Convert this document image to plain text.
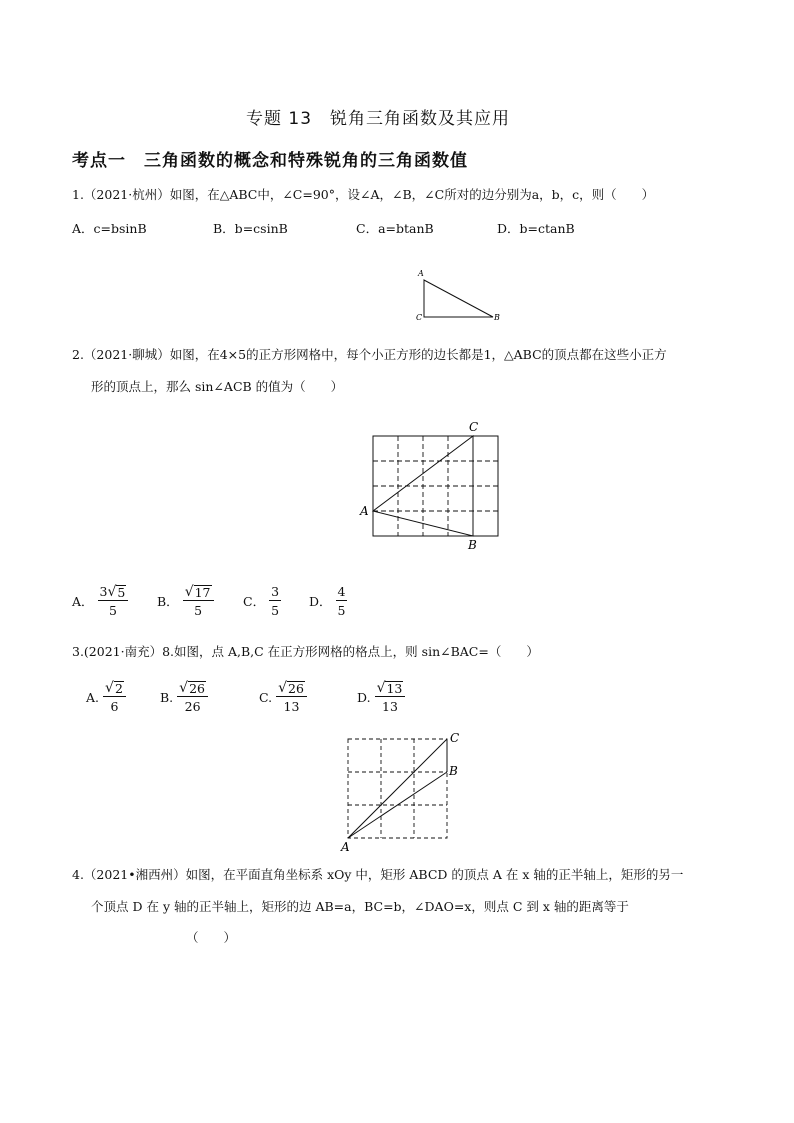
专题 13　锐角三角函数及其应用
考点一　三角函数的概念和特殊锐角的三角函数值
1.（2021·杭州）如图，在△ABC中，∠C=90°，设∠A，∠B，∠C所对的边分别为a，b，c，则（　　）
A．c=bsinB	B．b=csinB	C．a=btanB	D．b=ctanB
A
C	B
2.（2021·聊城）如图，在4×5的正方形网格中，每个小正方形的边长都是1，△ABC的顶点都在这些小正方
形的顶点上，那么 sin∠ACB 的值为（　　）
C
A
B
A． $\frac{3 √ 5}{5}$ B． $\frac{√ 17}{5}$ C． $\frac{3}{5}$ D． $\frac{4}{5}$
3.(2021·南充）8.如图，点 A,B,C 在正方形网格的格点上，则 sin∠BAC=（　　）
A. $\frac{√ 2}{6}$	B. $\frac{√ 26}{26}$	C. $\frac{√ 26}{13}$	D. $\frac{√ 13}{13}$
C
B
A
4.（2021•湘西州）如图，在平面直角坐标系 xOy 中，矩形 ABCD 的顶点 A 在 x 轴的正半轴上，矩形的另一
个顶点 D 在 y 轴的正半轴上，矩形的边 AB=a，BC=b，∠DAO=x，则点 C 到 x 轴的距离等于
（　　）
